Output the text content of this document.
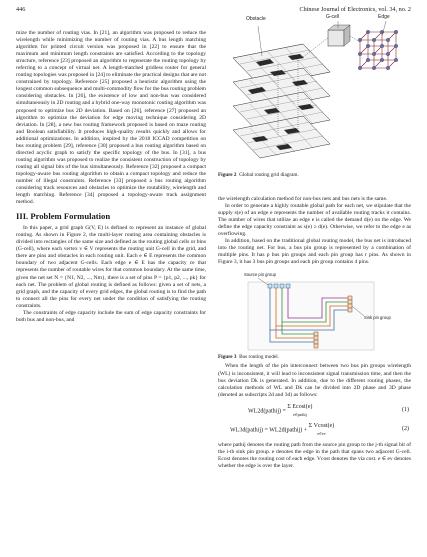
446	Chinese Journal of Electronics, vol. 34, no. 2
Obstacle	G-cell	Edge
Figure 2 Global routing grid diagram.

mize the number of routing vias. In [21], an algorithm was proposed to reduce the wirelength while minimizing the number of routing vias. A bus length matching algorithm for printed circuit version was proposed in [22] to ensure that the maximum and minimum length constraints are satisfied. According to the topology structure, reference [23] proposed an algorithm to regenerate the routing topology by referring to a concept of virtual net. A length-matched gridless router for general routing topologies was proposed in [24] to eliminate the practical designs that are not constrained by topology. Reference [25] proposed a heuristic algorithm using the longest common subsequence and multi-commodity flow for the bus routing problem considering obstacles. In [26], the existence of low and non-bus was considered simultaneously in 2D routing and a hybrid one-way monotonic routing algorithm was proposed to optimize bus 2D deviation. Based on [26], reference [27] proposed an algorithm to optimize the deviation for edge moving technique considering 2D deviation. In [28], a new bus routing framework proposed is based on maze routing and Boolean satisfiability. It produces high-quality results quickly and allows for additional optimizations. In addition, inspired by the 2018 ICCAD competition on bus routing problem [29], reference [30] proposed a bus routing algorithm based on directed acyclic graph to satisfy the specific topology of the bus. In [31], a bus routing algorithm was proposed to realize the consistent construction of topology by routing all signal bits of the bus simultaneously. Reference [32] proposed a compact topology-aware bus routing algorithm to obtain a compact topology and reduce the number of illegal constraints. Reference [33] proposed a bus routing algorithm considering track resources and obstacles to optimize the routability, wirelength and length matching. Reference [34] proposed a topology-aware track assignment method.

III. Problem Formulation

In this paper, a grid graph G(V, E) is defined to represent an instance of global routing. As shown in Figure 2, the multi-layer routing area containing obstacles is divided into rectangles of the same size and defined as the routing global cells or bins (G-cell), where each vertex v ∈ V represents the routing unit G-cell in the grid, and there are pins and obstacles in each routing unit. Each e ∈ E represents the common boundary of two adjacent G-cells. Each edge e ∈ E has the capacity ce that represents the number of routable wires for that common boundary. At the same time, given the net set N = {N1, N2, ..., Nm}, there is a set of pins P = {p1, p2, ..., pk} for each net. The problem of global routing is defined as follows: given a set of nets, a grid graph, and the capacity of every grid edges, the global routing is to find the path to connect all the pins for every net under the condition of satisfying the routing constraints.

The constraints of edge capacity include the sum of edge capacity constraints for both bus and non-bus, and

the wirelength calculation method for non-bus nets and bus nets is the same.

In order to generate a highly routable global path for each net, we stipulate that the supply s(e) of an edge e represents the number of available routing tracks it contains. The number of wires that utilize an edge e is called the demand d(e) on the edge. We define the edge capacity constraint as s(e) ≥ d(e). Otherwise, we refer to the edge e as overflowing.

In addition, based on the traditional global routing model, the bus net is introduced into the routing net. For bus, a bus pin group is represented by a combination of multiple pins. It has p bus pin groups and each pin group has r pins. As shown in Figure 3, it has 3 bus pin groups and each pin group contains 4 pins.

Source pin group
Sink pin group
Figure 3 Bus routing model.

When the length of the pin interconnect between two bus pin groups wirelength (WL) is inconsistent, it will lead to inconsistent signal transmission time, and then the bus deviation Dk is generated. In addition, due to the different routing phases, the calculation methods of WL and Dk can be divided into 2D phase and 3D phase (denoted as subscripts 2d and 3d) as follows:

WL2d(pathij) =
Σ Ecost(e)
e∈pathij
(1)
WL3d(pathij) = WL2d(pathij) +
Σ Vcost(e)
e∈ev
(2)

where pathij denotes the routing path from the source pin group to the j-th signal bit of the i-th sink pin group. e denotes the edge in the path that spans two adjacent G-cell. Ecost denotes the routing cost of each edge. Vcost denotes the via cost. e ∈ ev denotes whether the edge is over the layer.
